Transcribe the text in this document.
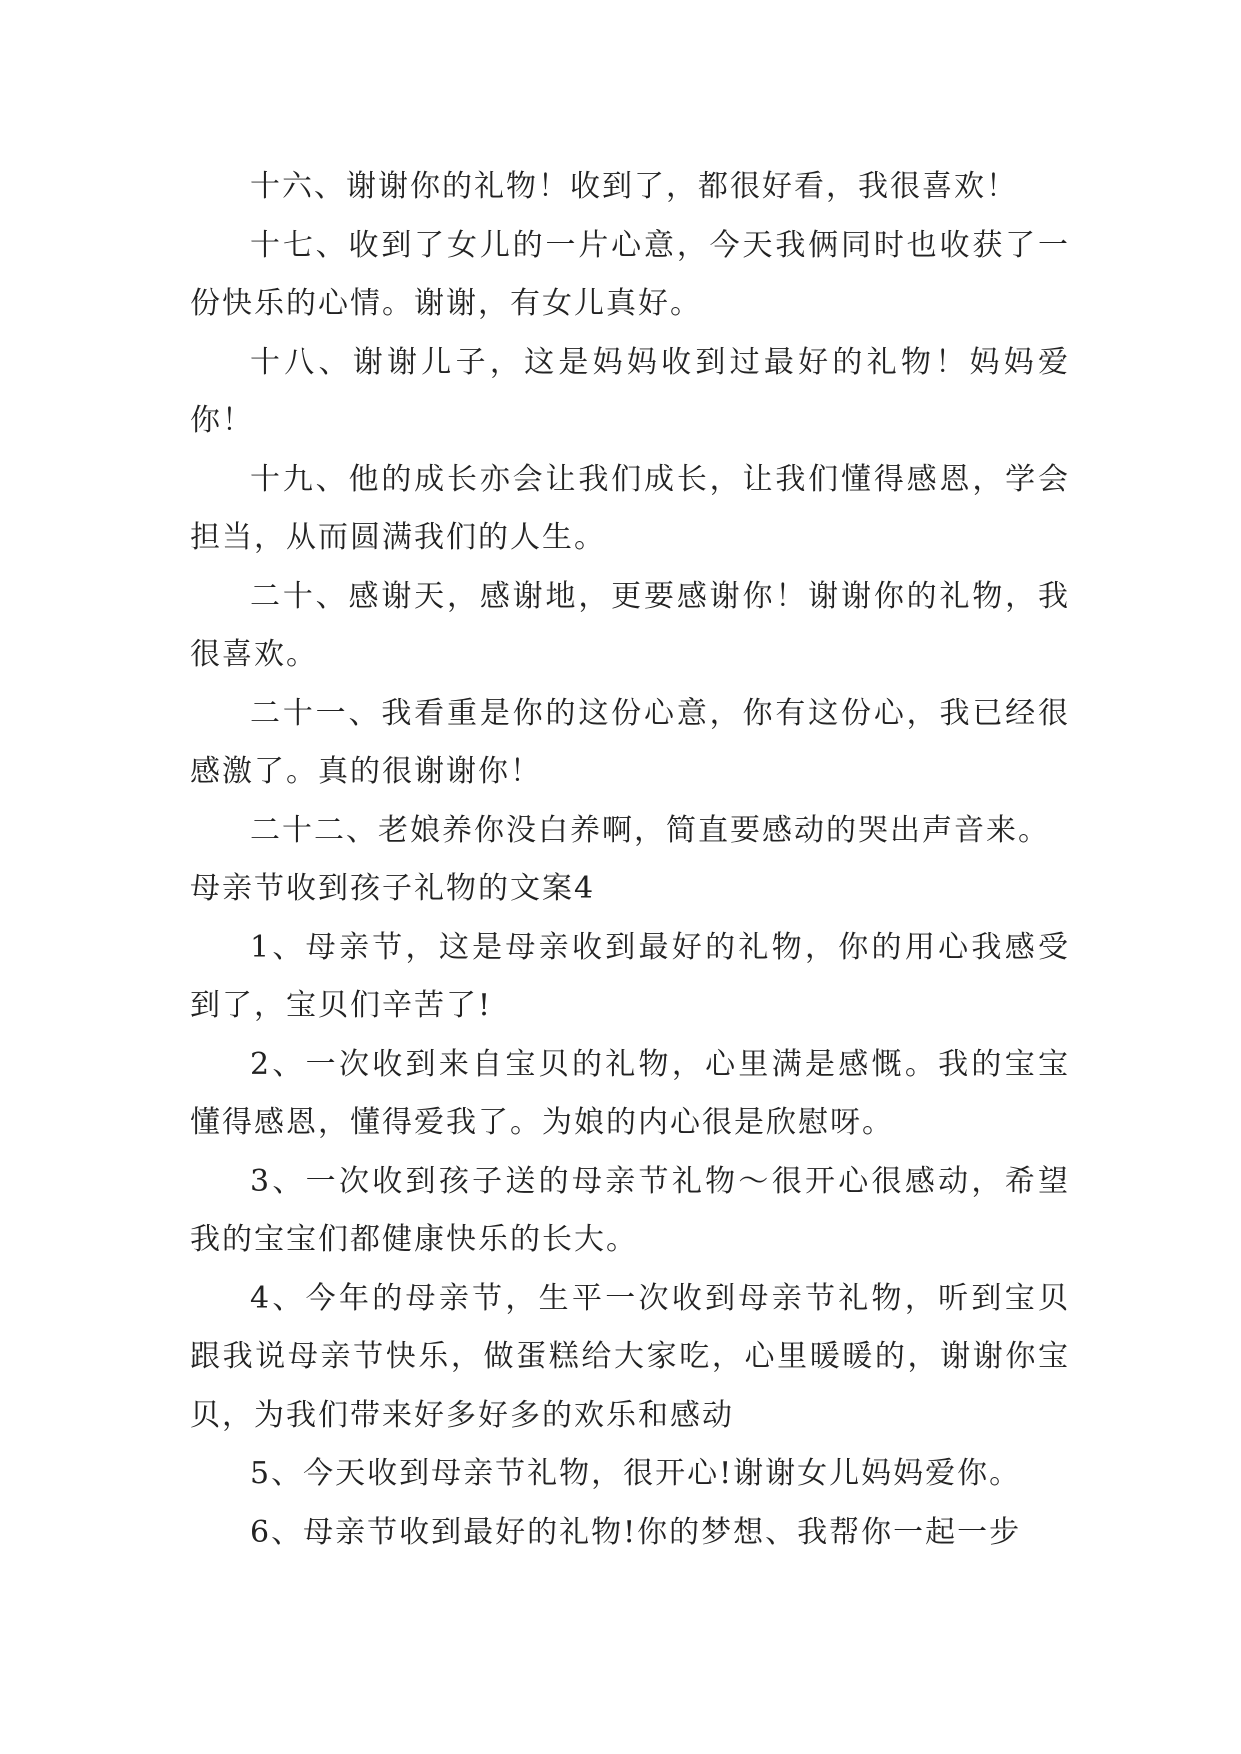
十六、谢谢你的礼物！收到了，都很好看，我很喜欢！

十七、收到了女儿的一片心意，今天我俩同时也收获了一份快乐的心情。谢谢，有女儿真好。

十八、谢谢儿子，这是妈妈收到过最好的礼物！妈妈爱你！

十九、他的成长亦会让我们成长，让我们懂得感恩，学会担当，从而圆满我们的人生。

二十、感谢天，感谢地，更要感谢你！谢谢你的礼物，我很喜欢。

二十一、我看重是你的这份心意，你有这份心，我已经很感激了。真的很谢谢你！

二十二、老娘养你没白养啊，简直要感动的哭出声音来。

母亲节收到孩子礼物的文案4

1、母亲节，这是母亲收到最好的礼物，你的用心我感受到了，宝贝们辛苦了!

2、一次收到来自宝贝的礼物，心里满是感慨。我的宝宝懂得感恩，懂得爱我了。为娘的内心很是欣慰呀。

3、一次收到孩子送的母亲节礼物～很开心很感动，希望我的宝宝们都健康快乐的长大。

4、今年的母亲节，生平一次收到母亲节礼物，听到宝贝跟我说母亲节快乐，做蛋糕给大家吃，心里暖暖的，谢谢你宝贝，为我们带来好多好多的欢乐和感动

5、今天收到母亲节礼物，很开心!谢谢女儿妈妈爱你。

6、母亲节收到最好的礼物!你的梦想、我帮你一起一步
